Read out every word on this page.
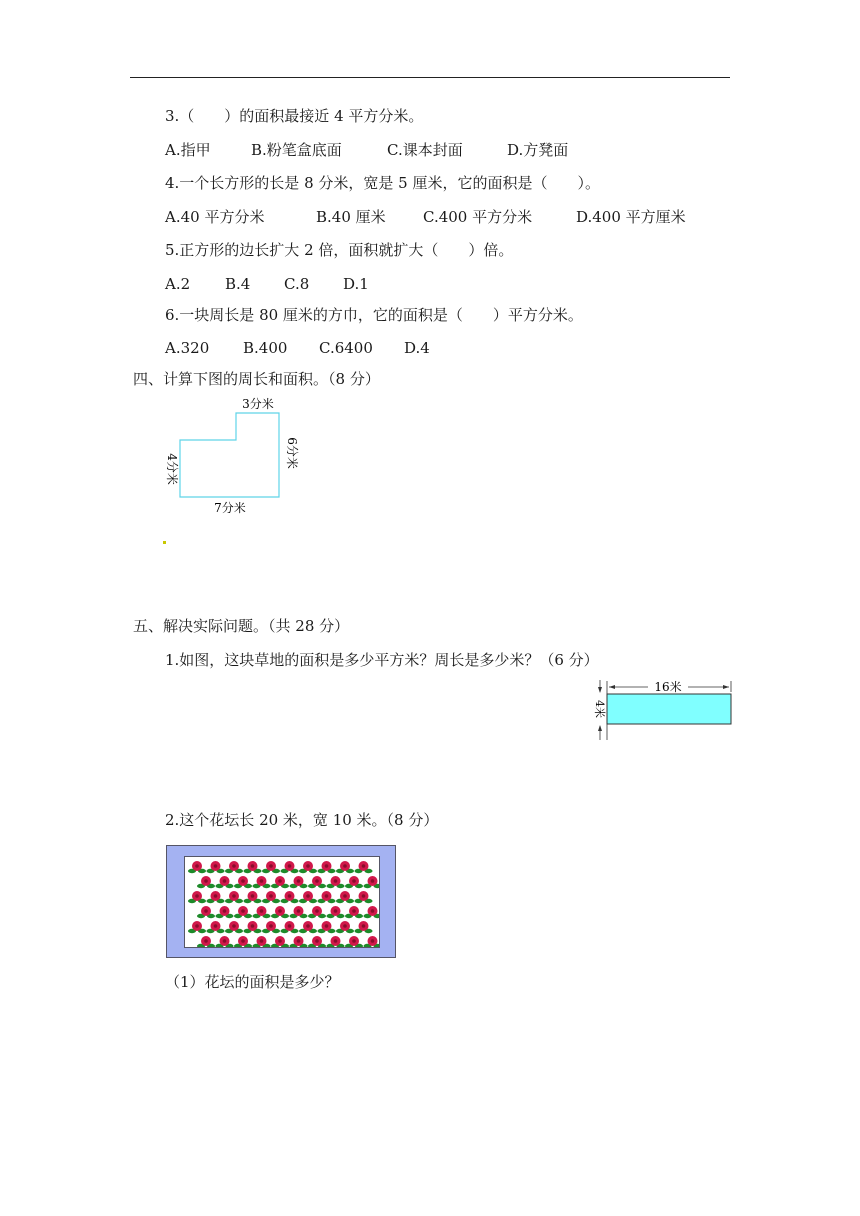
3.（　　）的面积最接近 4 平方分米。
A.指甲	B.粉笔盒底面	C.课本封面	D.方凳面
4.一个长方形的长是 8 分米，宽是 5 厘米，它的面积是（　　）。
A.40 平方分米	B.40 厘米 C.400 平方分米	D.400 平方厘米
5.正方形的边长扩大 2 倍，面积就扩大（　　）倍。
A.2 B.4 C.8 D.1
6.一块周长是 80 厘米的方巾，它的面积是（　　）平方分米。
A.320 B.400 C.6400 D.4
四、计算下图的周长和面积。（8 分）
3分米
6分米
4分米
7分米
五、解决实际问题。（共 28 分）
1.如图，这块草地的面积是多少平方米？周长是多少米？（6 分）
16米
4米
2.这个花坛长 20 米，宽 10 米。（8 分）
（1）花坛的面积是多少？
